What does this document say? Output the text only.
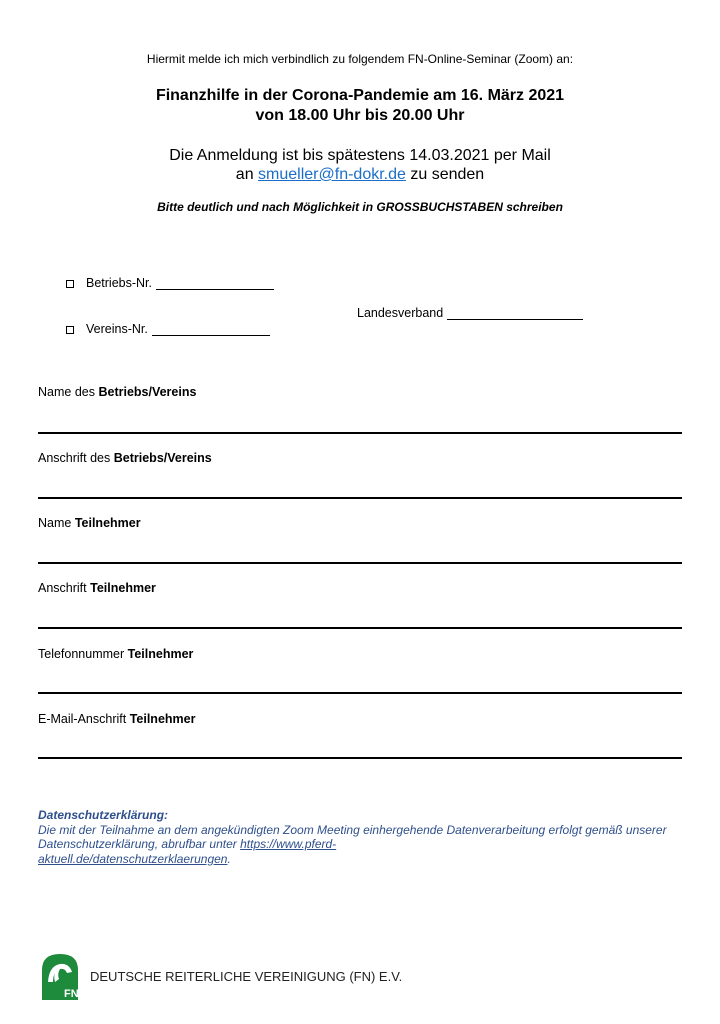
Hiermit melde ich mich verbindlich zu folgendem FN-Online-Seminar (Zoom) an:
Finanzhilfe in der Corona-Pandemie am 16. März 2021
von 18.00 Uhr bis 20.00 Uhr
Die Anmeldung ist bis spätestens 14.03.2021 per Mail
an smueller@fn-dokr.de zu senden
Bitte deutlich und nach Möglichkeit in GROSSBUCHSTABEN schreiben
Betriebs-Nr.
Vereins-Nr.
Landesverband
Name des Betriebs/Vereins
Anschrift des Betriebs/Vereins
Name Teilnehmer
Anschrift Teilnehmer
Telefonnummer Teilnehmer
E-Mail-Anschrift Teilnehmer
Datenschutzerklärung:
Die mit der Teilnahme an dem angekündigten Zoom Meeting einhergehende Datenverarbeitung erfolgt gemäß unserer Datenschutzerklärung, abrufbar unter https://www.pferd-
aktuell.de/datenschutzerklaerungen.
FN
DEUTSCHE REITERLICHE VEREINIGUNG (FN) E.V.
